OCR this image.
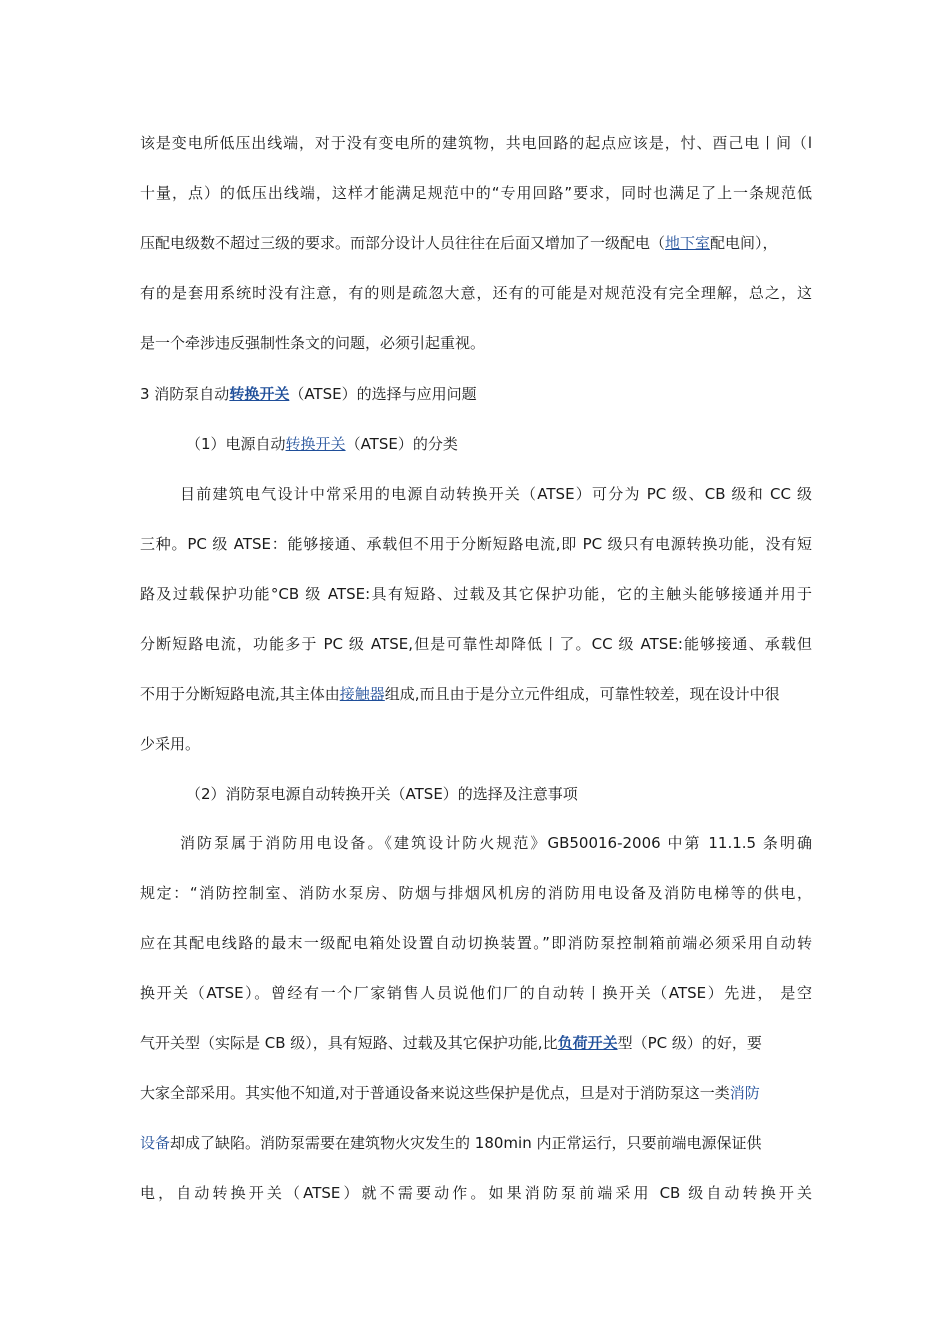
该是变电所低压出线端，对于没有变电所的建筑物，共电回路的起点应该是，忖、酉己电丨间（l
十量，点）的低压出线端，这样才能满足规范中的“专用回路”要求，同时也满足了上一条规范低
压配电级数不超过三级的要求。而部分设计人员往往在后面又增加了一级配电（地下室配电间），
有的是套用系统时没有注意，有的则是疏忽大意，还有的可能是对规范没有完全理解，总之，这
是一个牵涉违反强制性条文的问题，必须引起重视。
3 消防泵自动转换开关（ATSE）的选择与应用问题
（1）电源自动转换开关（ATSE）的分类
目前建筑电气设计中常采用的电源自动转换开关（ATSE）可分为 PC 级、CB 级和 CC 级
三种。PC 级 ATSE：能够接通、承载但不用于分断短路电流,即 PC 级只有电源转换功能，没有短
路及过载保护功能°CB 级 ATSE:具有短路、过载及其它保护功能，它的主触头能够接通并用于
分断短路电流，功能多于 PC 级 ATSE,但是可靠性却降低丨了。CC 级 ATSE:能够接通、承载但
不用于分断短路电流,其主体由接触器组成,而且由于是分立元件组成，可靠性较差，现在设计中很
少采用。
（2）消防泵电源自动转换开关（ATSE）的选择及注意事项
消防泵属于消防用电设备。《建筑设计防火规范》GB50016-2006 中第 11.1.5 条明确
规定：“消防控制室、消防水泵房、防烟与排烟风机房的消防用电设备及消防电梯等的供电，
应在其配电线路的最末一级配电箱处设置自动切换装置。”即消防泵控制箱前端必须采用自动转
换开关（ATSE）。曾经有一个厂家销售人员说他们厂的自动转丨换开关（ATSE）先进， 是空
气开关型（实际是 CB 级），具有短路、过载及其它保护功能,比负荷开关型（PC 级）的好，要
大家全部采用。其实他不知道,对于普通设备来说这些保护是优点，旦是对于消防泵这一类消防
设备却成了缺陷。消防泵需要在建筑物火灾发生的 180min 内正常运行，只要前端电源保证供
电，自动转换开关（ATSE）就不需要动作。如果消防泵前端采用 CB 级自动转换开关
